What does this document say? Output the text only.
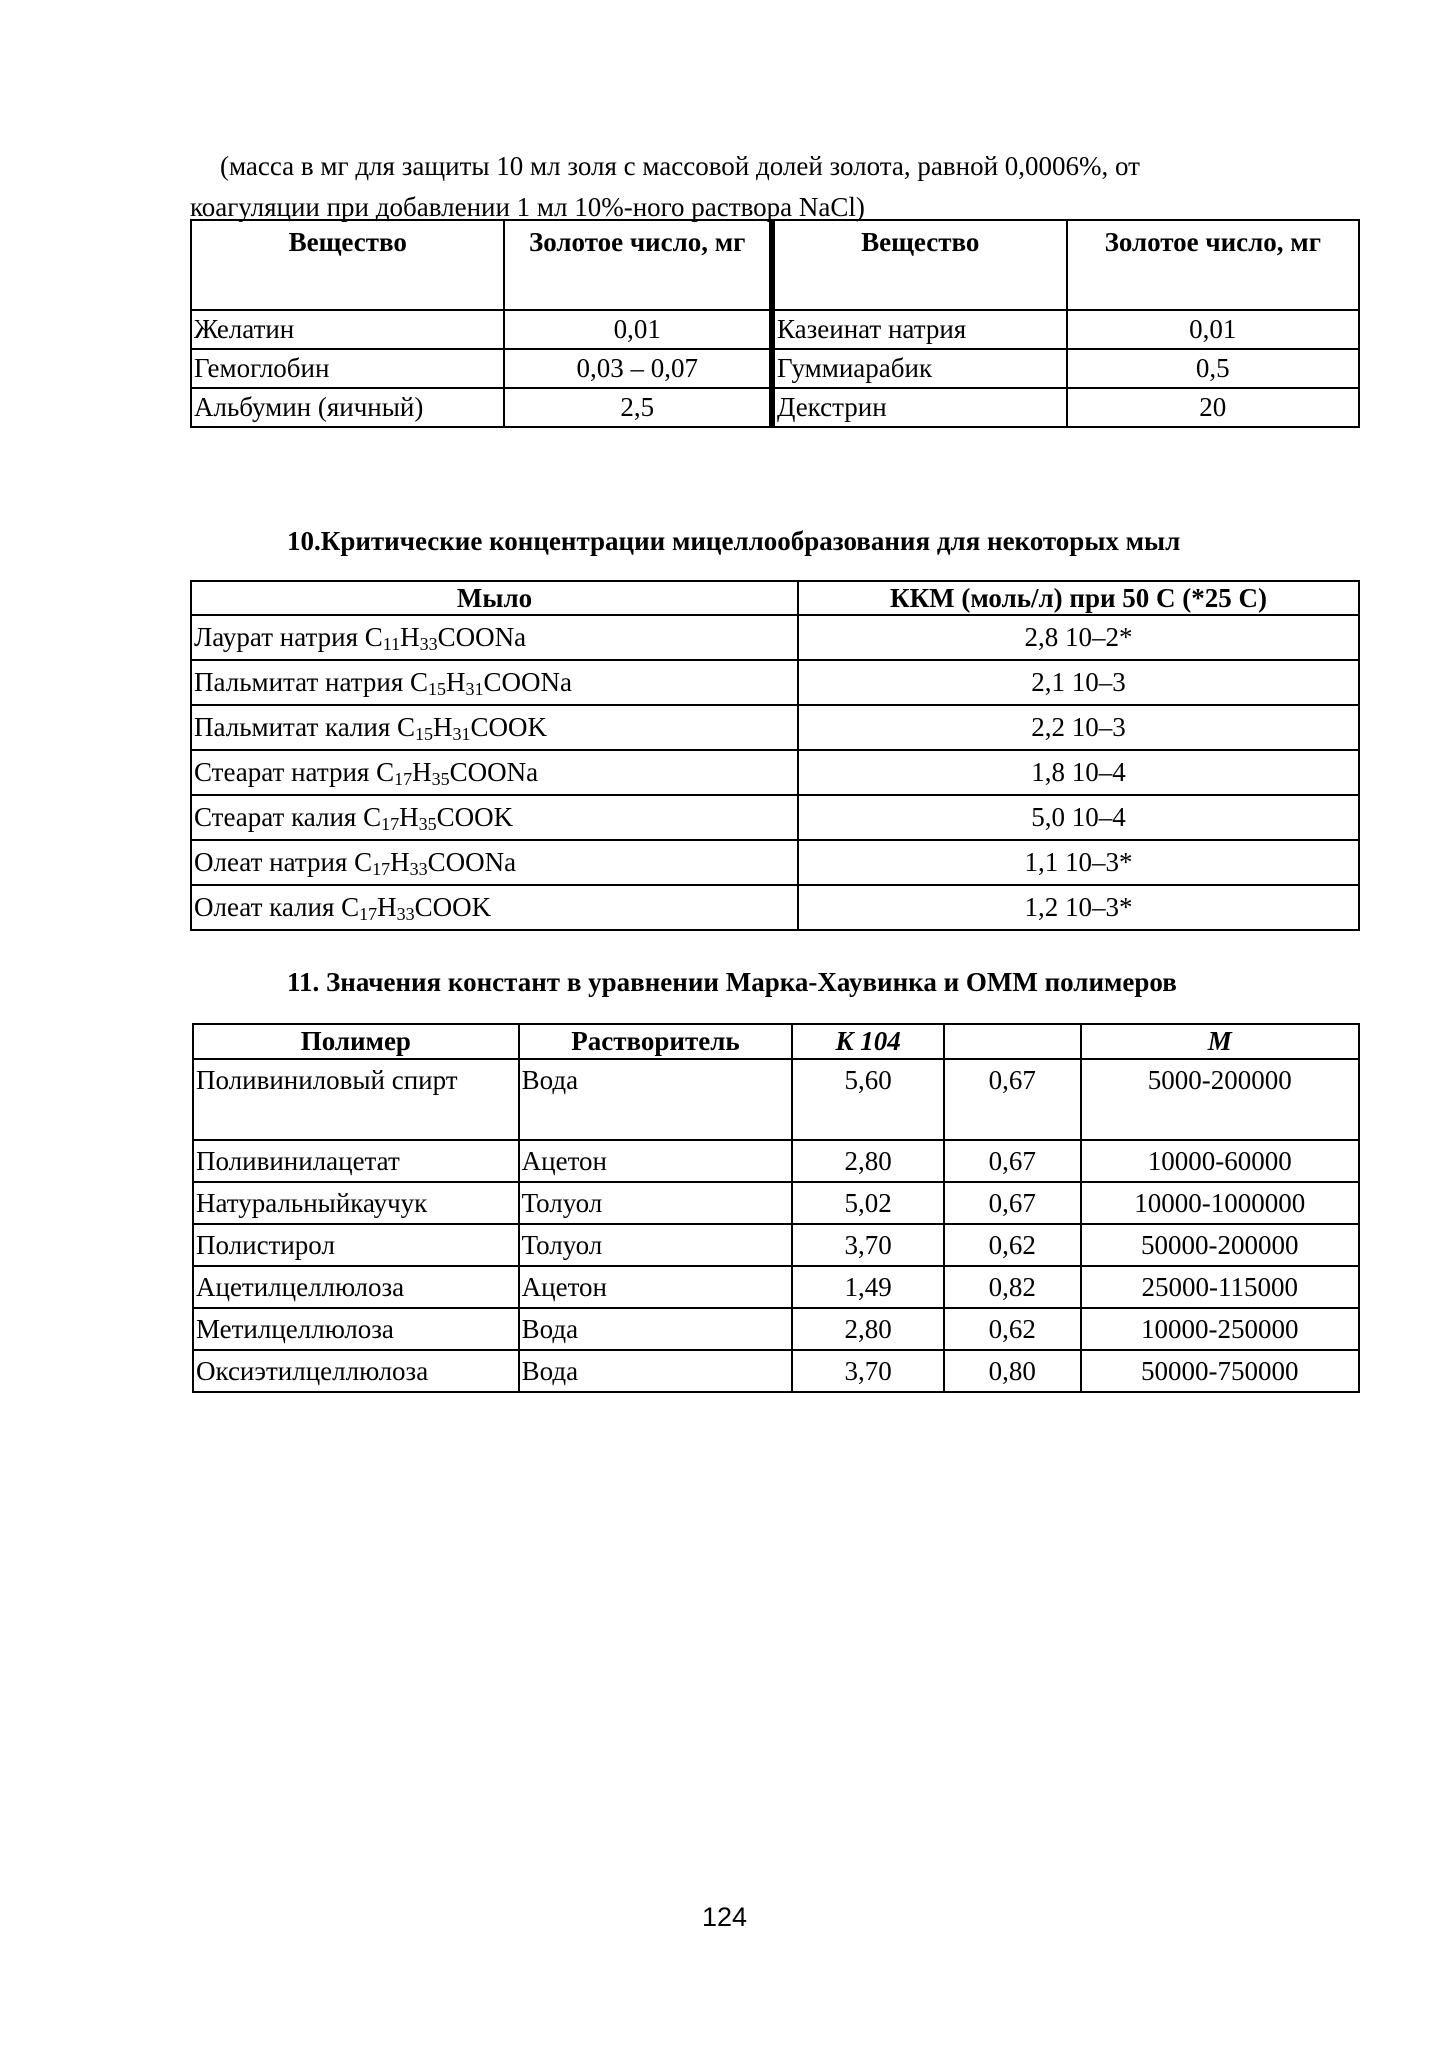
(масса в мг для защиты 10 мл золя с массовой долей золота, равной 0,0006%, от
коагуляции при добавлении 1 мл 10%-ного раствора NaCl)
Вещество	Золотое число, мг	Вещество	Золотое число, мг
Желатин	0,01	Казеинат натрия	0,01
Гемоглобин	0,03 – 0,07	Гуммиарабик	0,5
Альбумин (яичный)	2,5	Декстрин	20
10.Критические концентрации мицеллообразования для некоторых мыл
Мыло	ККМ (моль/л) при 50 С (*25 С)
Лаурат натрия $C_{11}H_{33}COONa$	2,8 10–2*
Пальмитат натрия $C_{15}H_{31}COONa$	2,1 10–3
Пальмитат калия $C_{15}H_{31}COOK$	2,2 10–3
Стеарат натрия $C_{17}H_{35}COONa$	1,8 10–4
Стеарат калия $C_{17}H_{35}COOK$	5,0 10–4
Олеат натрия $C_{17}H_{33}COONa$	1,1 10–3*
Олеат калия $C_{17}H_{33}COOK$	1,2 10–3*
11. Значения констант в уравнении Марка-Хаувинка и ОММ полимеров
Полимер	Растворитель	K 104		M
Поливиниловый спирт	Вода	5,60	0,67	5000-200000
Поливинилацетат	Ацетон	2,80	0,67	10000-60000
Натуральныйкаучук	Толуол	5,02	0,67	10000-1000000
Полистирол	Толуол	3,70	0,62	50000-200000
Ацетилцеллюлоза	Ацетон	1,49	0,82	25000-115000
Метилцеллюлоза	Вода	2,80	0,62	10000-250000
Оксиэтилцеллюлоза	Вода	3,70	0,80	50000-750000
124
